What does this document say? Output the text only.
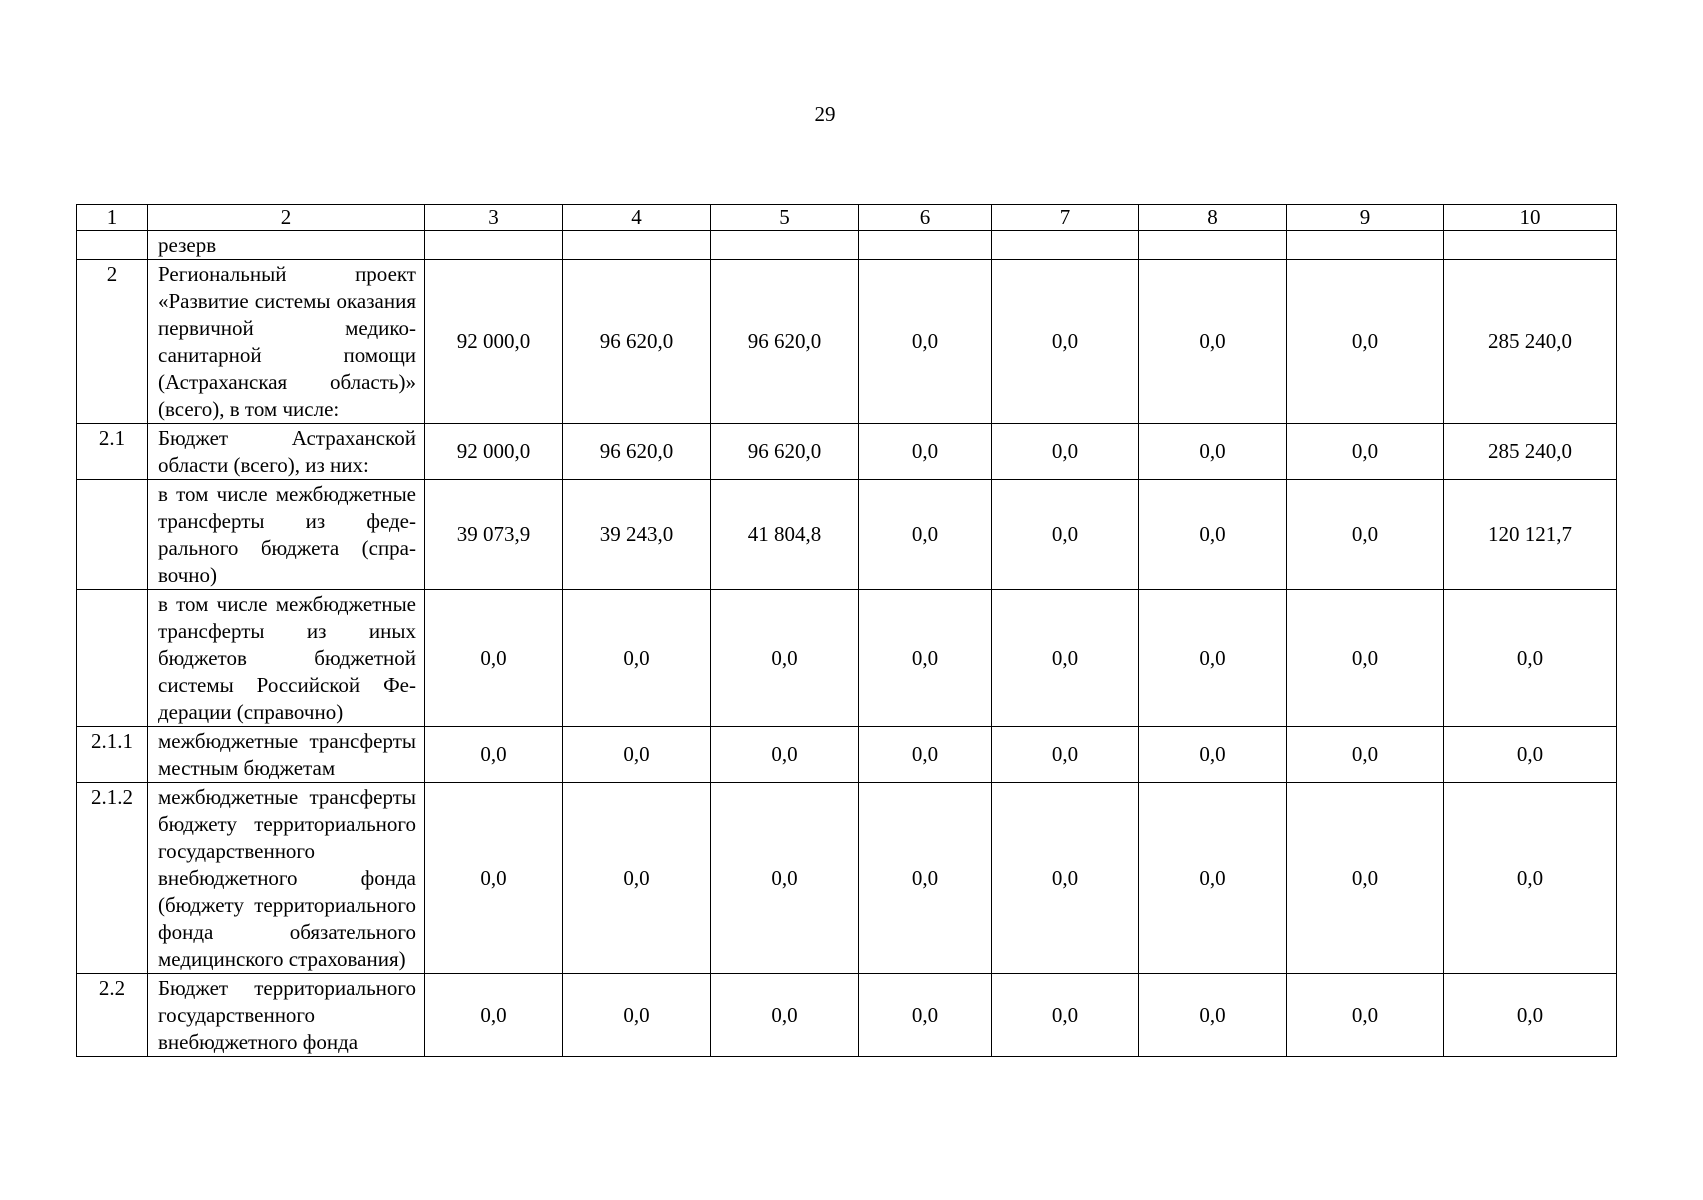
29
1	2	3	4	5	6	7	8	9	10
	резерв								
2	Региональный проект «Развитие системы оказания первичной медико-санитарной помощи (Астраханская область)» (всего), в том числе:	92 000,0	96 620,0	96 620,0	0,0	0,0	0,0	0,0	285 240,0
2.1	Бюджет Астраханской области (всего), из них:	92 000,0	96 620,0	96 620,0	0,0	0,0	0,0	0,0	285 240,0
	в том числе межбюджетные трансферты из федерального бюджета (справочно)	39 073,9	39 243,0	41 804,8	0,0	0,0	0,0	0,0	120 121,7
	в том числе межбюджетные трансферты из иных бюджетов бюджетной системы Российской Федерации (справочно)	0,0	0,0	0,0	0,0	0,0	0,0	0,0	0,0
2.1.1	межбюджетные трансферты местным бюджетам	0,0	0,0	0,0	0,0	0,0	0,0	0,0	0,0
2.1.2	межбюджетные трансферты бюджету территориального государственного внебюджетного фонда (бюджету территориального фонда обязательного медицинского страхования)	0,0	0,0	0,0	0,0	0,0	0,0	0,0	0,0
2.2	Бюджет территориального государственного внебюджетного фонда	0,0	0,0	0,0	0,0	0,0	0,0	0,0	0,0
